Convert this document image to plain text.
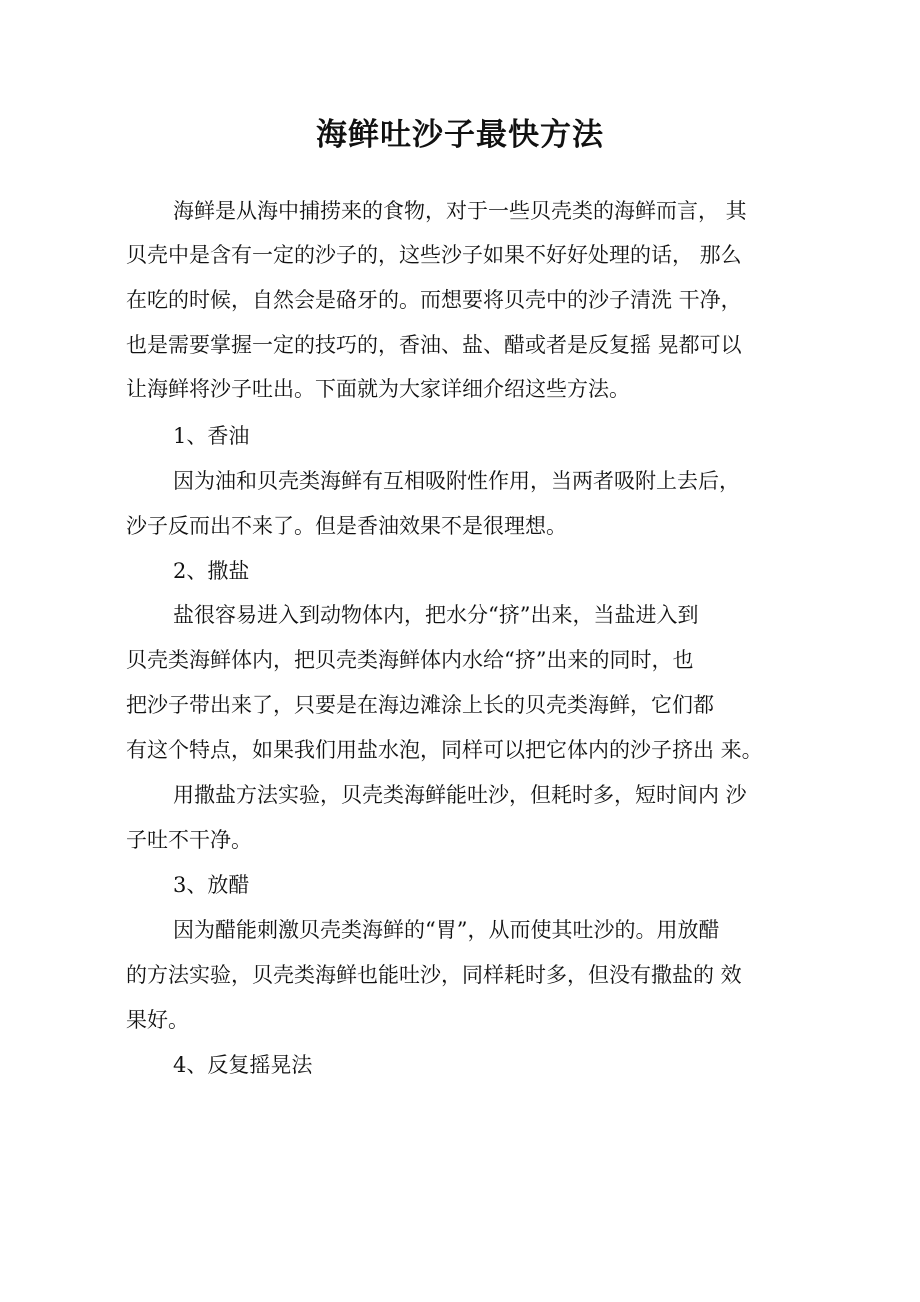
海鲜吐沙子最快方法

海鲜是从海中捕捞来的食物，对于一些贝壳类的海鲜而言， 其

贝壳中是含有一定的沙子的，这些沙子如果不好好处理的话， 那么

在吃的时候，自然会是硌牙的。而想要将贝壳中的沙子清洗 干净，

也是需要掌握一定的技巧的，香油、盐、醋或者是反复摇 晃都可以

让海鲜将沙子吐出。下面就为大家详细介绍这些方法。

1、香油

因为油和贝壳类海鲜有互相吸附性作用，当两者吸附上去后，

沙子反而出不来了。但是香油效果不是很理想。

2、撒盐

盐很容易进入到动物体内，把水分“挤”出来，当盐进入到

贝壳类海鲜体内，把贝壳类海鲜体内水给“挤”出来的同时，也

把沙子带出来了，只要是在海边滩涂上长的贝壳类海鲜，它们都

有这个特点，如果我们用盐水泡，同样可以把它体内的沙子挤出 来。

用撒盐方法实验，贝壳类海鲜能吐沙，但耗时多，短时间内 沙

子吐不干净。

3、放醋

因为醋能刺激贝壳类海鲜的“胃”，从而使其吐沙的。用放醋

的方法实验，贝壳类海鲜也能吐沙，同样耗时多，但没有撒盐的 效

果好。

4、反复摇晃法
